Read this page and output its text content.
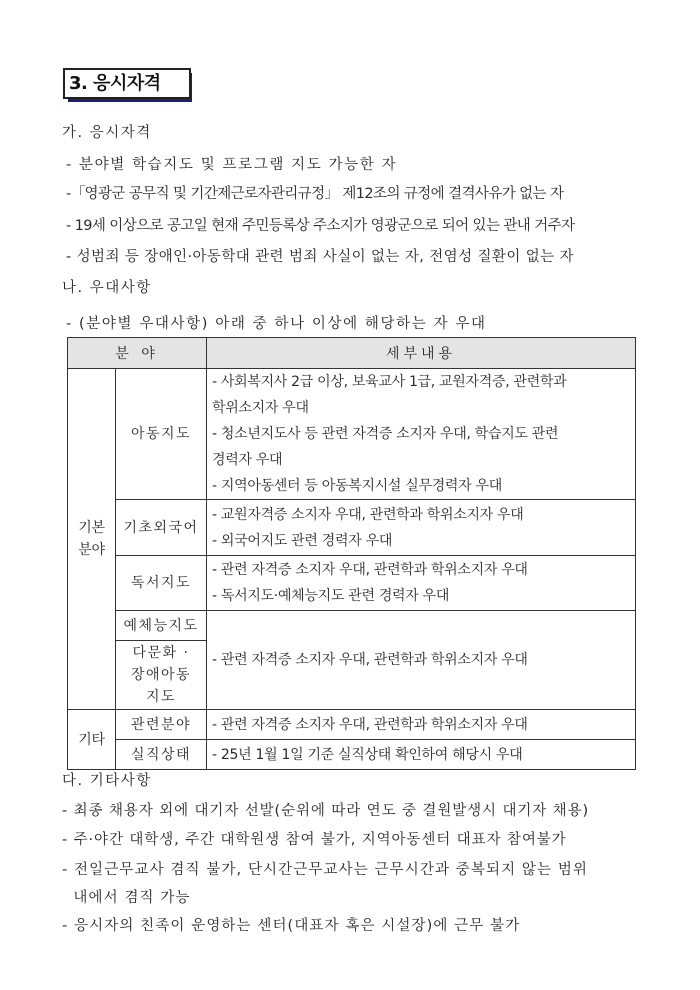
3. 응시자격
가. 응시자격
- 분야별 학습지도 및 프로그램 지도 가능한 자
-「영광군 공무직 및 기간제근로자관리규정」 제12조의 규정에 결격사유가 없는 자
- 19세 이상으로 공고일 현재 주민등록상 주소지가 영광군으로 되어 있는 관내 거주자
- 성범죄 등 장애인·아동학대 관련 범죄 사실이 없는 자, 전염성 질환이 없는 자
나. 우대사항
- (분야별 우대사항) 아래 중 하나 이상에 해당하는 자 우대
분 야		세부내용

기본
분야
	아동지도	
- 사회복지사 2급 이상, 보육교사 1급, 교원자격증, 관련학과
학위소지자 우대
- 청소년지도사 등 관련 자격증 소지자 우대, 학습지도 관련
경력자 우대
- 지역아동센터 등 아동복지시설 실무경력자 우대

	기초외국어	- 교원자격증 소지자 우대, 관련학과 학위소지자 우대
- 외국어지도 관련 경력자 우대

	독서지도	- 관련 자격증 소지자 우대, 관련학과 학위소지자 우대
- 독서지도·예체능지도 관련 경력자 우대

	예체능지도	- 관련 자격증 소지자 우대, 관련학과 학위소지자 우대

	다문화 ·
장애아동
지도	

기타	관련분야	- 관련 자격증 소지자 우대, 관련학과 학위소지자 우대

	실직상태	- 25년 1월 1일 기준 실직상태 확인하여 해당시 우대
다. 기타사항
- 최종 채용자 외에 대기자 선발(순위에 따라 연도 중 결원발생시 대기자 채용)
- 주·야간 대학생, 주간 대학원생 참여 불가, 지역아동센터 대표자 참여불가
- 전일근무교사 겸직 불가, 단시간근무교사는 근무시간과 중복되지 않는 범위
내에서 겸직 가능
- 응시자의 친족이 운영하는 센터(대표자 혹은 시설장)에 근무 불가
